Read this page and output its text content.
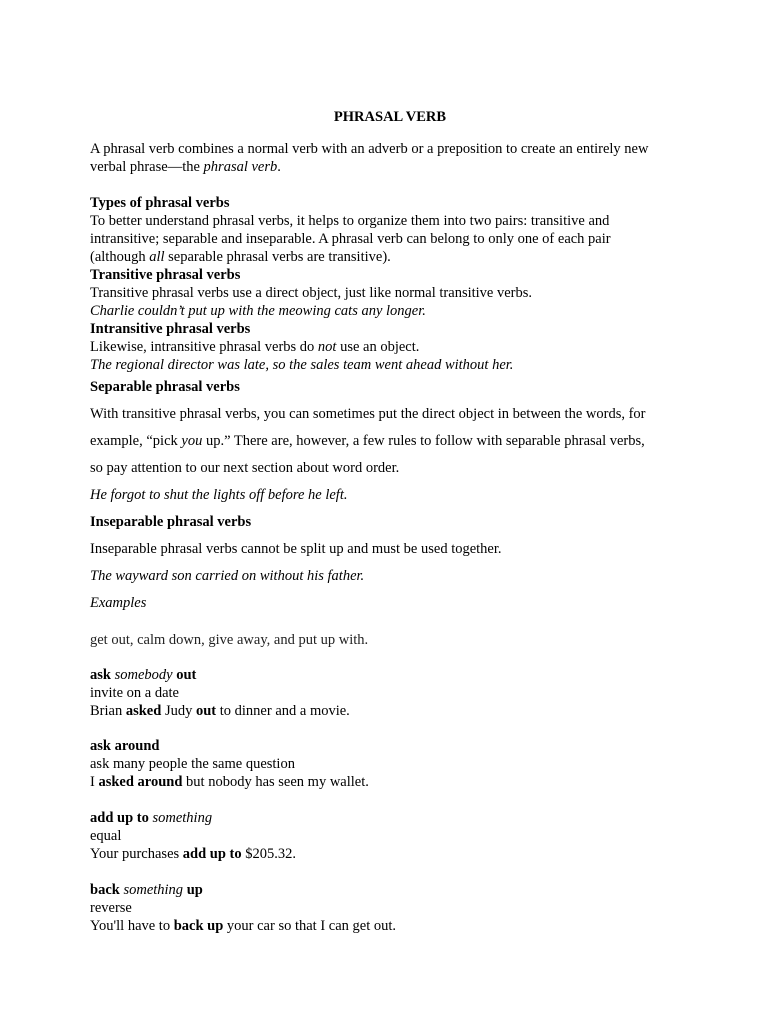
PHRASAL VERB

A phrasal verb combines a normal verb with an adverb or a preposition to create an entirely new

verbal phrase—the phrasal verb.

Types of phrasal verbs

To better understand phrasal verbs, it helps to organize them into two pairs: transitive and

intransitive; separable and inseparable. A phrasal verb can belong to only one of each pair

(although all separable phrasal verbs are transitive).

Transitive phrasal verbs

Transitive phrasal verbs use a direct object, just like normal transitive verbs.

Charlie couldn’t put up with the meowing cats any longer.

Intransitive phrasal verbs

Likewise, intransitive phrasal verbs do not use an object.

The regional director was late, so the sales team went ahead without her.

Separable phrasal verbs

With transitive phrasal verbs, you can sometimes put the direct object in between the words, for

example, “pick you up.” There are, however, a few rules to follow with separable phrasal verbs,

so pay attention to our next section about word order.

He forgot to shut the lights off before he left.

Inseparable phrasal verbs

Inseparable phrasal verbs cannot be split up and must be used together.

The wayward son carried on without his father.

Examples

get out, calm down, give away, and put up with.

ask somebody out

invite on a date

Brian asked Judy out to dinner and a movie.

ask around

ask many people the same question

I asked around but nobody has seen my wallet.

add up to something

equal

Your purchases add up to $205.32.

back something up

reverse

You'll have to back up your car so that I can get out.
